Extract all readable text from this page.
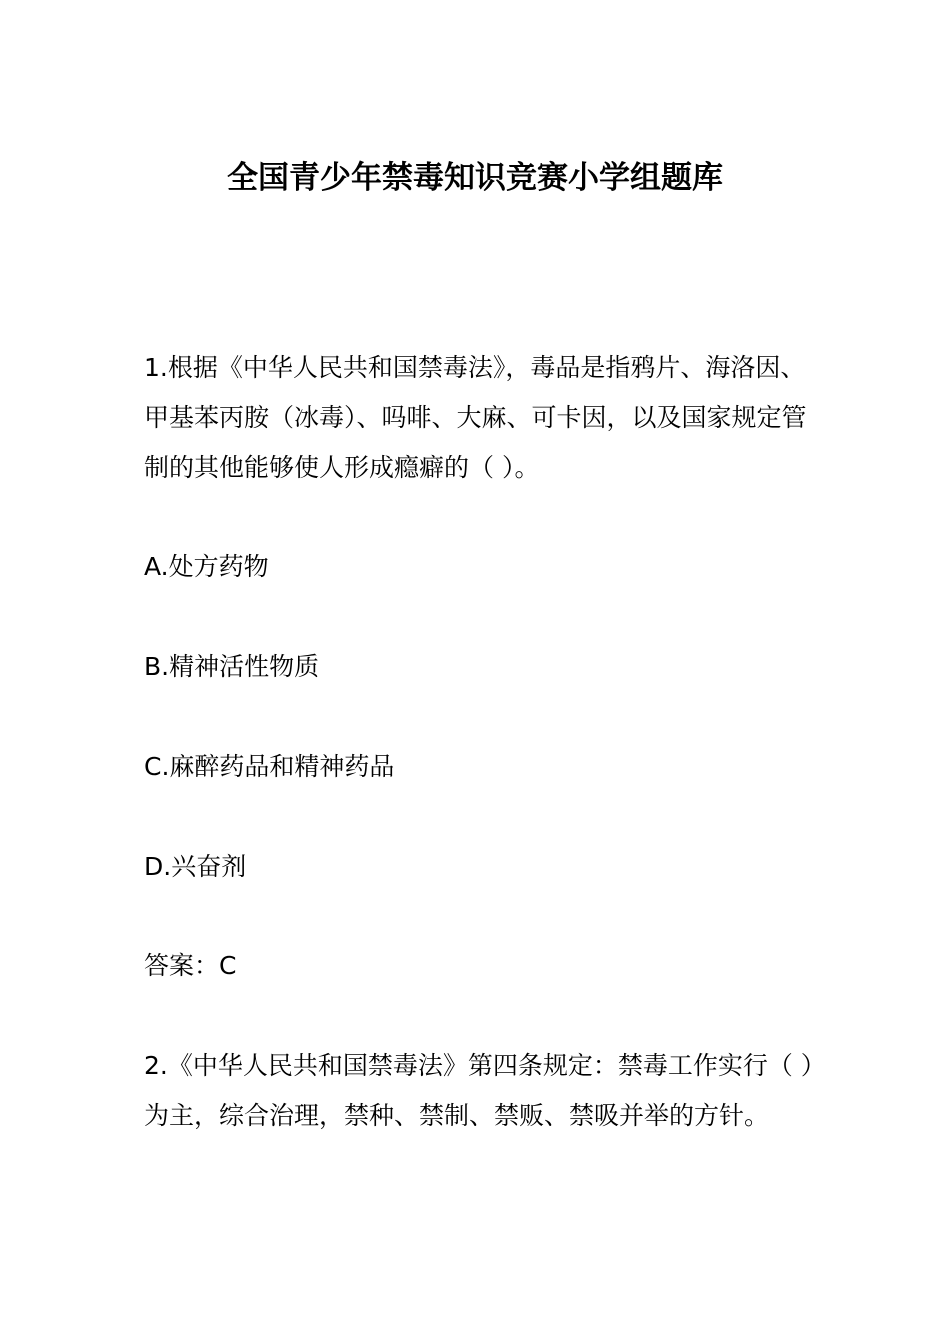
全国青少年禁毒知识竞赛小学组题库

1.根据《中华人民共和国禁毒法》，毒品是指鸦片、海洛因、甲基苯丙胺（冰毒）、吗啡、大麻、可卡因，以及国家规定管制的其他能够使人形成瘾癖的（ ）。

A.处方药物

B.精神活性物质

C.麻醉药品和精神药品

D.兴奋剂

答案：C

2.《中华人民共和国禁毒法》第四条规定：禁毒工作实行（ ）为主，综合治理，禁种、禁制、禁贩、禁吸并举的方针。
